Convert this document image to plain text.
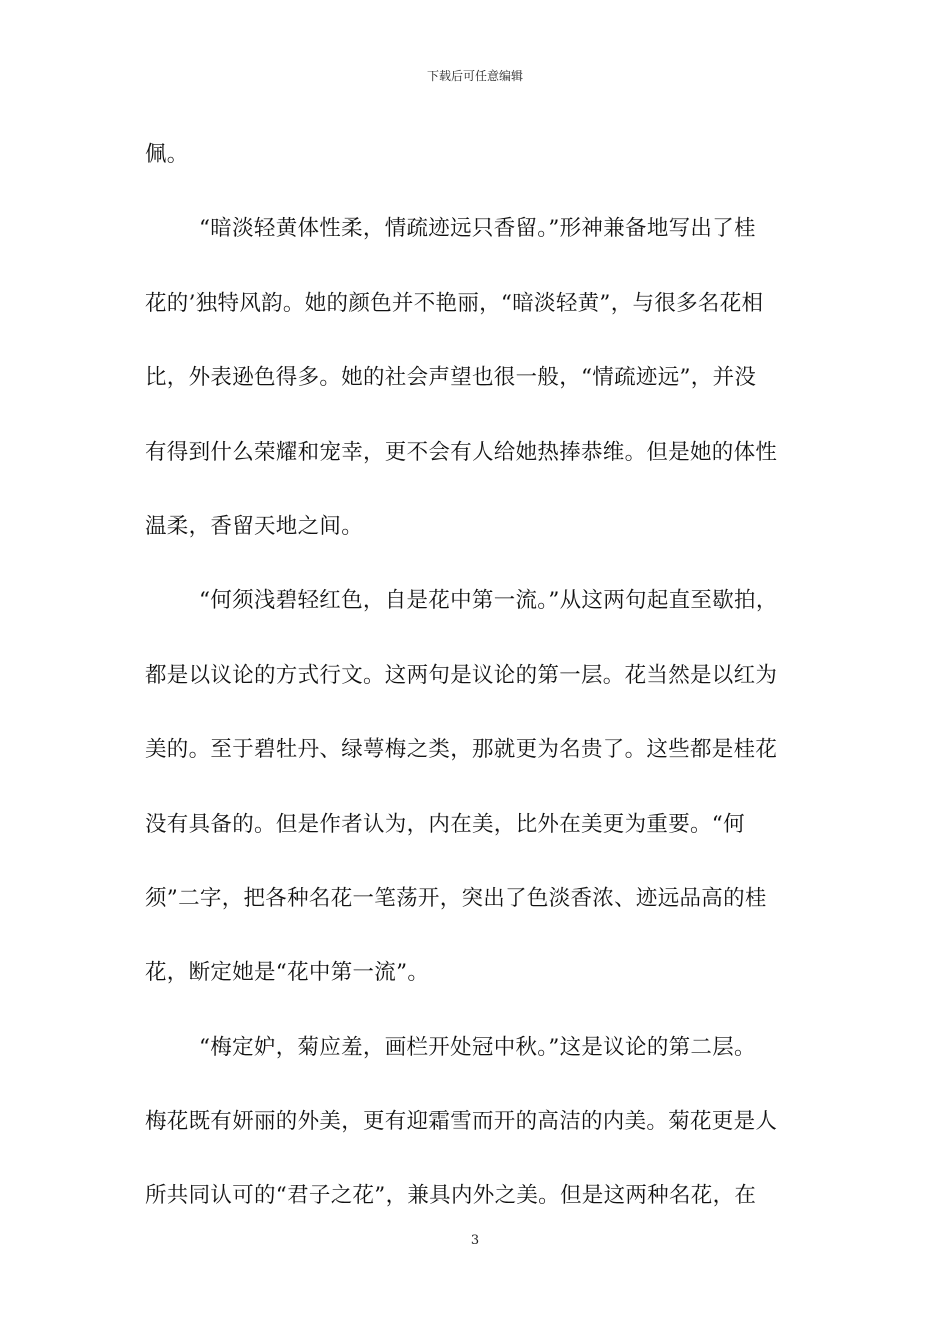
下载后可任意编辑
佩。
“暗淡轻黄体性柔，情疏迹远只香留。”形神兼备地写出了桂
花的’独特风韵。她的颜色并不艳丽，“暗淡轻黄”，与很多名花相
比，外表逊色得多。她的社会声望也很一般，“情疏迹远”，并没
有得到什么荣耀和宠幸，更不会有人给她热捧恭维。但是她的体性
温柔，香留天地之间。
“何须浅碧轻红色，自是花中第一流。”从这两句起直至歇拍，
都是以议论的方式行文。这两句是议论的第一层。花当然是以红为
美的。至于碧牡丹、绿萼梅之类，那就更为名贵了。这些都是桂花
没有具备的。但是作者认为，内在美，比外在美更为重要。“何
须”二字，把各种名花一笔荡开，突出了色淡香浓、迹远品高的桂
花，断定她是“花中第一流”。
“梅定妒，菊应羞，画栏开处冠中秋。”这是议论的第二层。
梅花既有妍丽的外美，更有迎霜雪而开的高洁的内美。菊花更是人
所共同认可的“君子之花”，兼具内外之美。但是这两种名花，在
3
